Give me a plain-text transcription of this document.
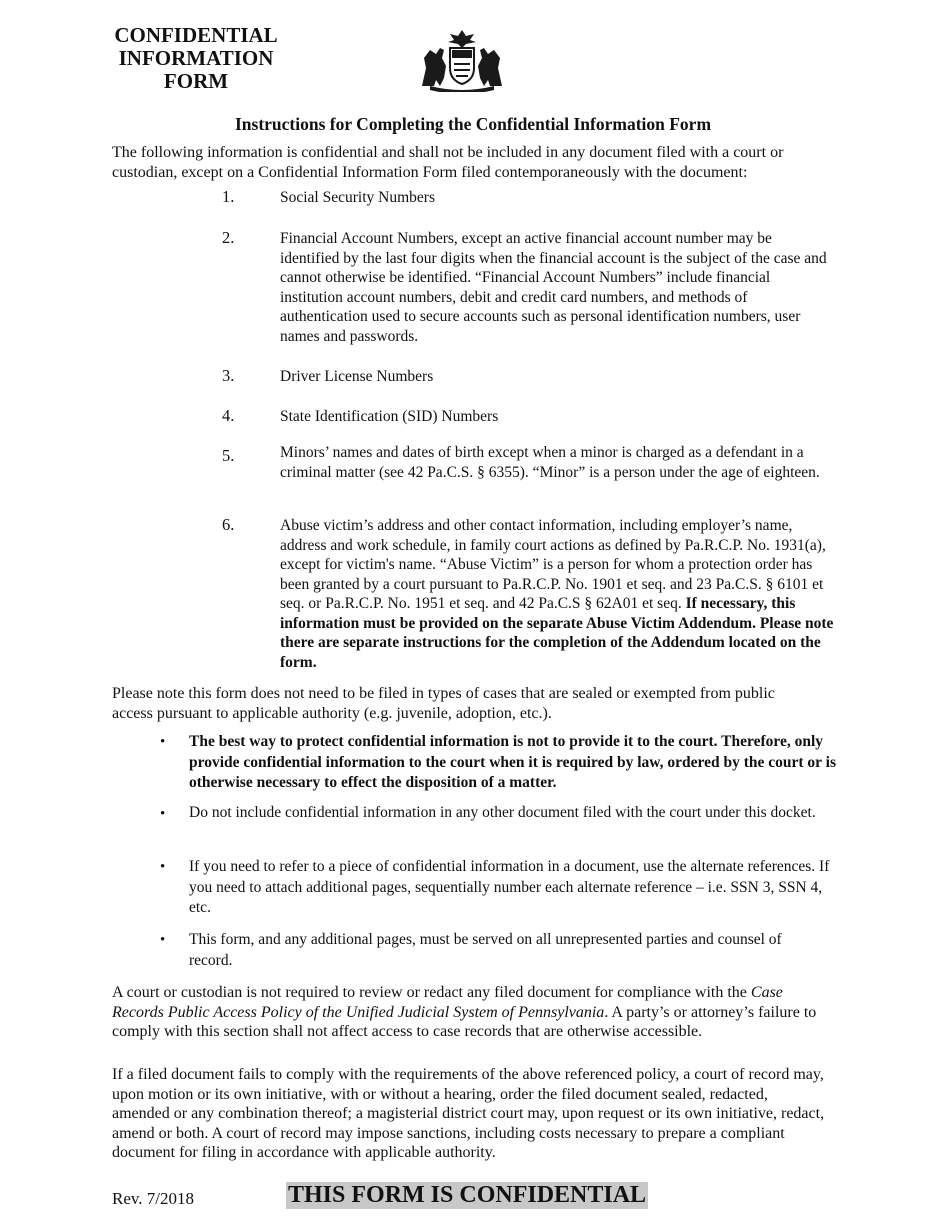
CONFIDENTIAL
INFORMATION
FORM
Instructions for Completing the Confidential Information Form
The following information is confidential and shall not be included in any document filed with a court or custodian, except on a Confidential Information Form filed contemporaneously with the document:
1.	Social Security Numbers
2.	Financial Account Numbers, except an active financial account number may be identified by the last four digits when the financial account is the subject of the case and cannot otherwise be identified. “Financial Account Numbers” include financial institution account numbers, debit and credit card numbers, and methods of authentication used to secure accounts such as personal identification numbers, user names and passwords.
3.	Driver License Numbers
4.	State Identification (SID) Numbers
5.	Minors’ names and dates of birth except when a minor is charged as a defendant in a criminal matter (see 42 Pa.C.S. § 6355). “Minor” is a person under the age of eighteen.
6.	Abuse victim’s address and other contact information, including employer’s name, address and work schedule, in family court actions as defined by Pa.R.C.P. No. 1931(a), except for victim's name. “Abuse Victim” is a person for whom a protection order has been granted by a court pursuant to Pa.R.C.P. No. 1901 et seq. and 23 Pa.C.S. § 6101 et seq. or Pa.R.C.P. No. 1951 et seq. and 42 Pa.C.S § 62A01 et seq. If necessary, this information must be provided on the separate Abuse Victim Addendum. Please note there are separate instructions for the completion of the Addendum located on the form.
Please note this form does not need to be filed in types of cases that are sealed or exempted from public access pursuant to applicable authority (e.g. juvenile, adoption, etc.).
• The best way to protect confidential information is not to provide it to the court. Therefore, only provide confidential information to the court when it is required by law, ordered by the court or is otherwise necessary to effect the disposition of a matter.
• Do not include confidential information in any other document filed with the court under this docket.
• If you need to refer to a piece of confidential information in a document, use the alternate references. If you need to attach additional pages, sequentially number each alternate reference – i.e. SSN 3, SSN 4, etc.
• This form, and any additional pages, must be served on all unrepresented parties and counsel of record.
A court or custodian is not required to review or redact any filed document for compliance with the Case Records Public Access Policy of the Unified Judicial System of Pennsylvania. A party’s or attorney’s failure to comply with this section shall not affect access to case records that are otherwise accessible.
If a filed document fails to comply with the requirements of the above referenced policy, a court of record may, upon motion or its own initiative, with or without a hearing, order the filed document sealed, redacted, amended or any combination thereof; a magisterial district court may, upon request or its own initiative, redact, amend or both. A court of record may impose sanctions, including costs necessary to prepare a compliant document for filing in accordance with applicable authority.
Rev. 7/2018	THIS FORM IS CONFIDENTIAL
